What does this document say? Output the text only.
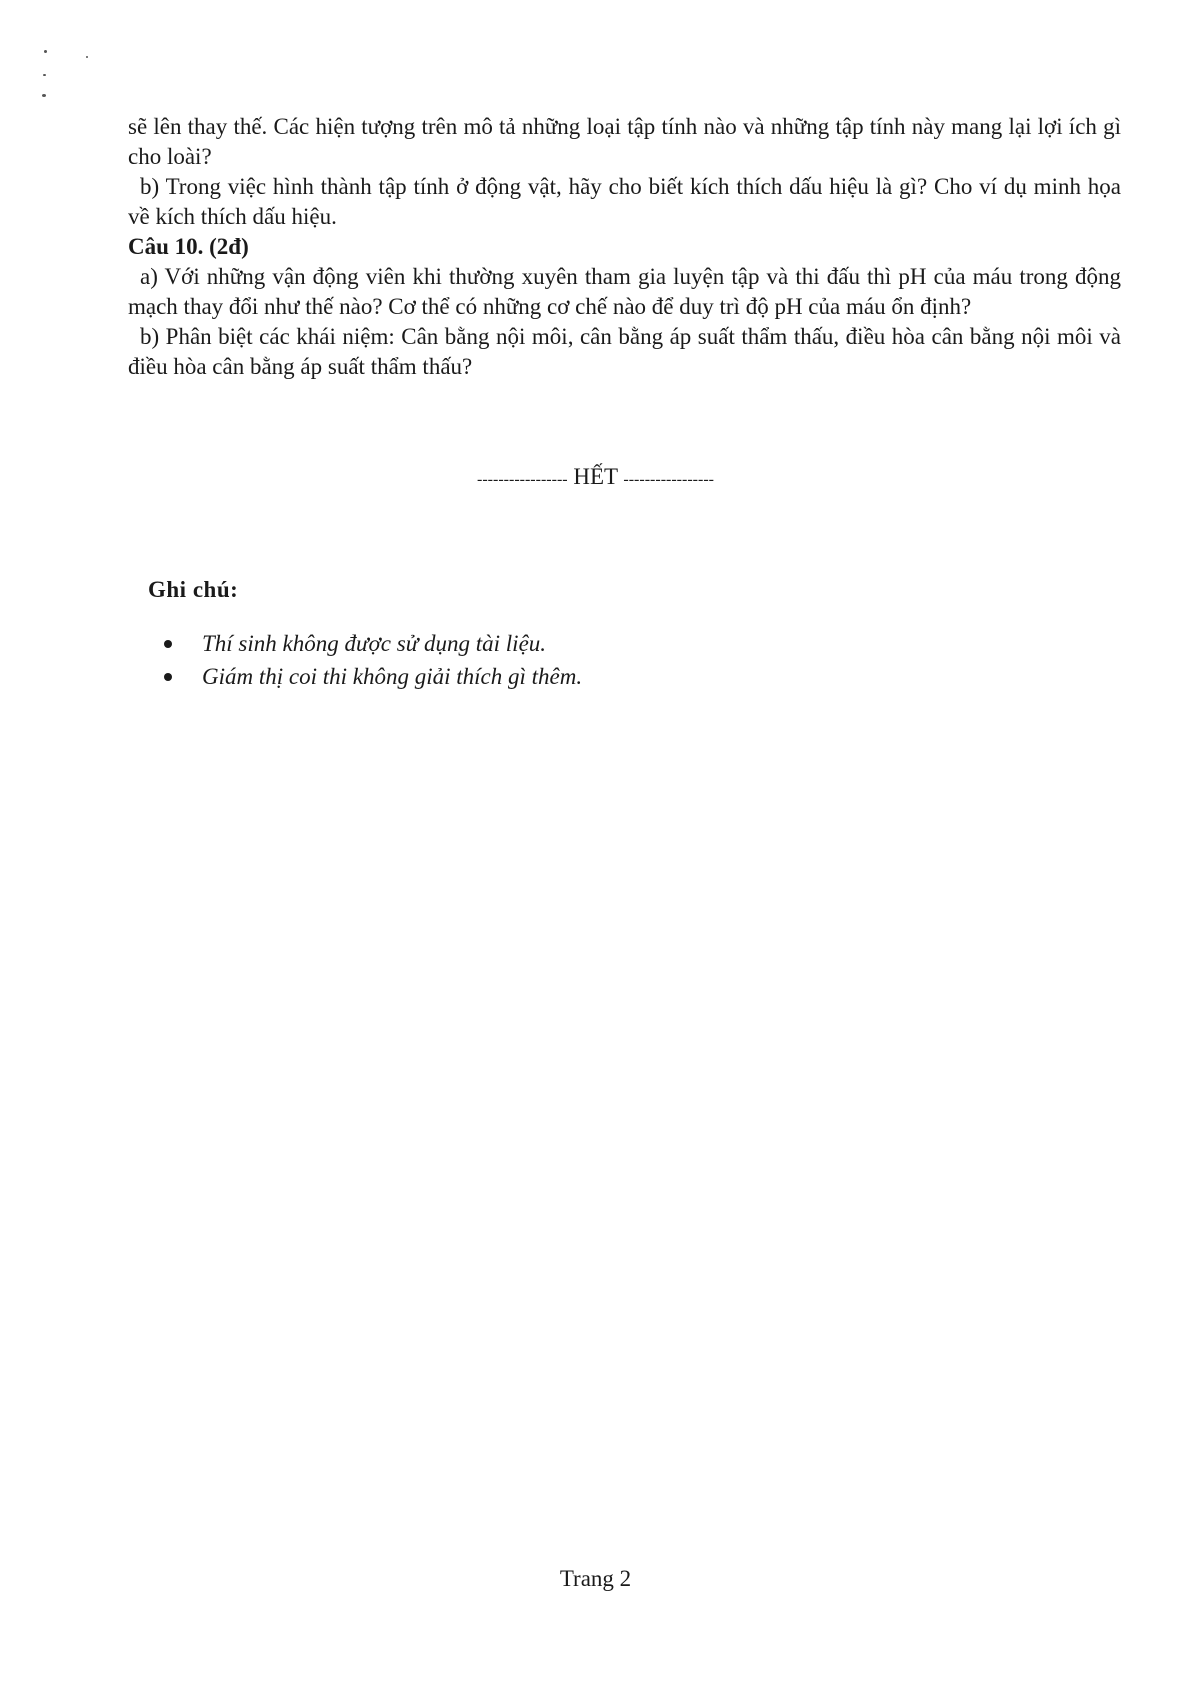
sẽ lên thay thế. Các hiện tượng trên mô tả những loại tập tính nào và những tập tính này mang lại lợi ích gì cho loài?

b) Trong việc hình thành tập tính ở động vật, hãy cho biết kích thích dấu hiệu là gì? Cho ví dụ minh họa về kích thích dấu hiệu.

Câu 10. (2đ)

a) Với những vận động viên khi thường xuyên tham gia luyện tập và thi đấu thì pH của máu trong động mạch thay đổi như thế nào? Cơ thể có những cơ chế nào để duy trì độ pH của máu ổn định?

b) Phân biệt các khái niệm: Cân bằng nội môi, cân bằng áp suất thẩm thấu, điều hòa cân bằng nội môi và điều hòa cân bằng áp suất thẩm thấu?

----------------- HẾT -----------------

Ghi chú:

Thí sinh không được sử dụng tài liệu.
Giám thị coi thi không giải thích gì thêm.
Trang 2
